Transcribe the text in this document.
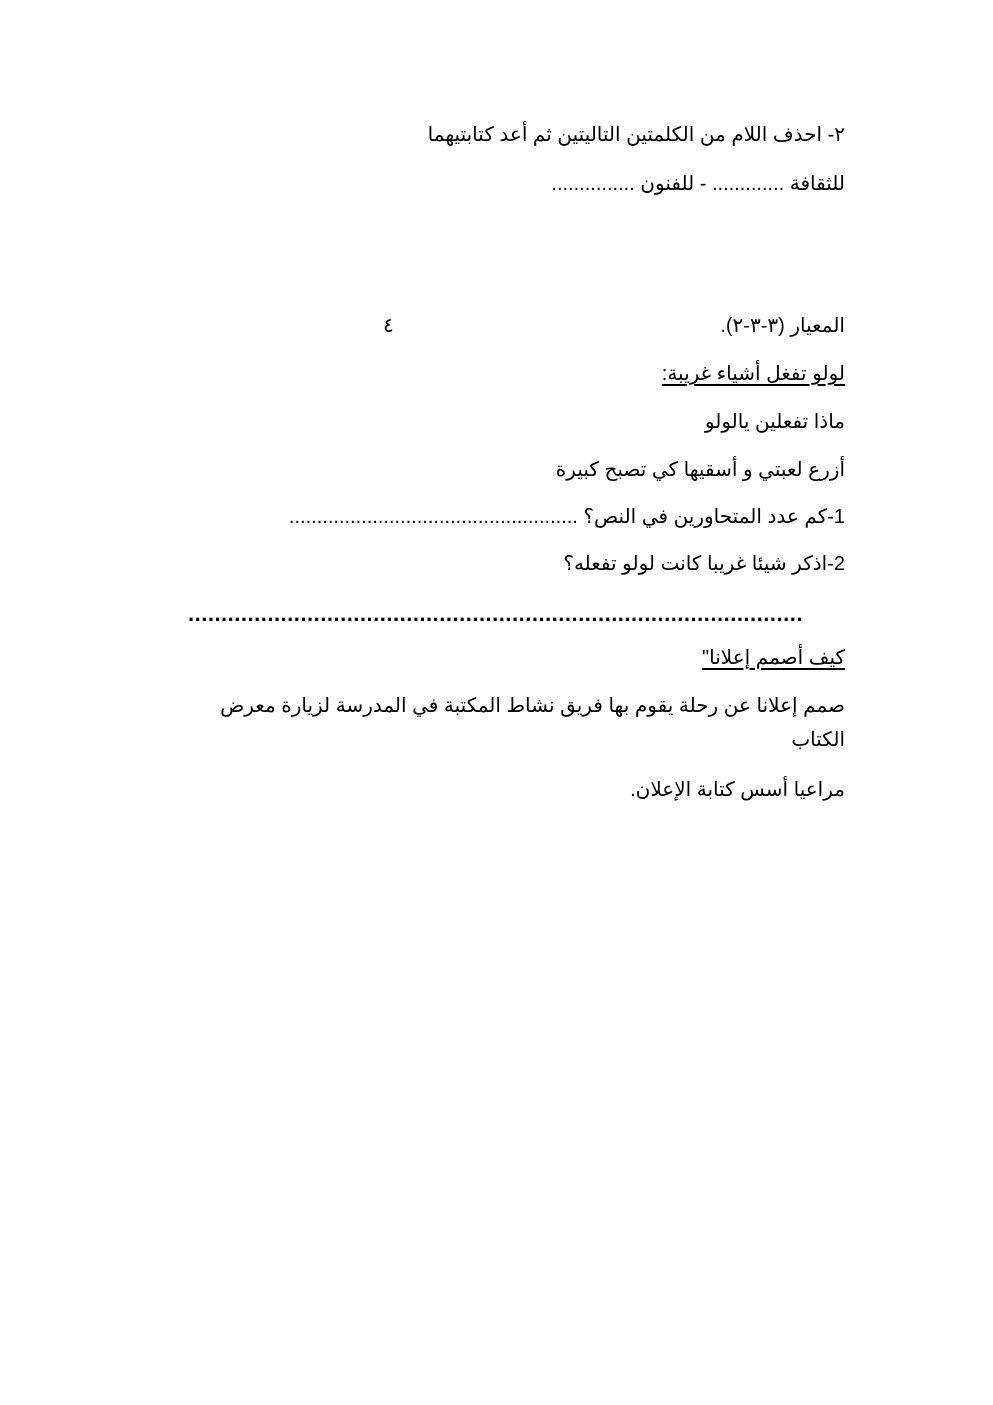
٢- احذف اللام من الكلمتين التاليتين ثم أعد كتابتيهما
للثقافة ............. - للفنون ...............
المعيار (٣-٣-٢).
٤
لولو تفغل أشياء غريبة:
ماذا تفعلين يالولو
أزرع لعبتي و أسقيها كي تصبح كبيرة
1-كم عدد المتحاورين في النص؟ ....................................................
2-اذكر شيئا غريبا كانت لولو تفعله؟
.............................................................................................
كيف أصمم إعلانا"
صمم إعلانا عن رحلة يقوم بها فريق نشاط المكتبة في المدرسة لزيارة معرض الكتاب
مراعيا أسس كتابة الإعلان.
